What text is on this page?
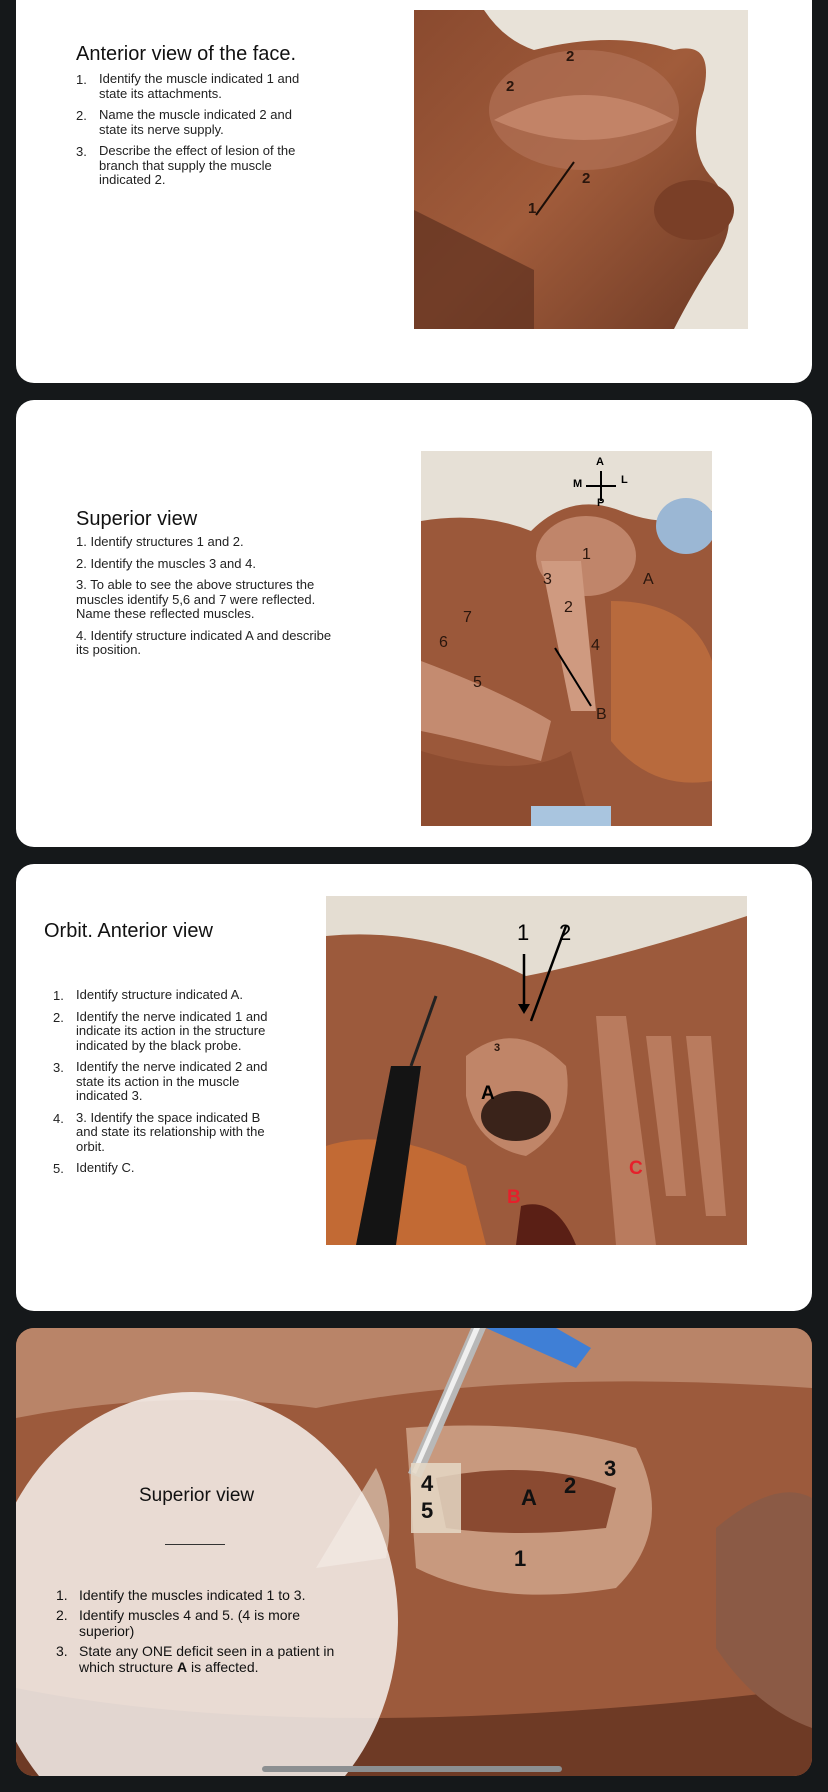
Anterior view of the face.
1. Identify the muscle indicated 1 and state its attachments.
2. Name the muscle indicated 2 and state its nerve supply.
3. Describe the effect of lesion of the branch that supply the muscle indicated 2.
2
2
2
1
Superior view
1. Identify structures 1 and 2.
2. Identify the muscles 3 and 4.
3. To able to see the above structures the muscles identify 5,6 and 7 were reflected. Name these reflected muscles.
4. Identify structure indicated A and describe its position.
A
M	L
P
1
3
2
A
7
6	4
5
B
Orbit. Anterior view
1. Identify structure indicated A.
2. Identify the nerve indicated 1 and indicate its action in the structure indicated by the black probe.
3. Identify the nerve indicated 2 and state its action in the muscle indicated 3.
4. 3. Identify the space indicated B and state its relationship with the orbit.
5. Identify C.
1 2
3
A
B
C
4
5
A 2
3
1
Superior view
1. Identify the muscles indicated 1 to 3.
2. Identify muscles 4 and 5. (4 is more superior)
3. State any ONE deficit seen in a patient in which structure A is affected.
